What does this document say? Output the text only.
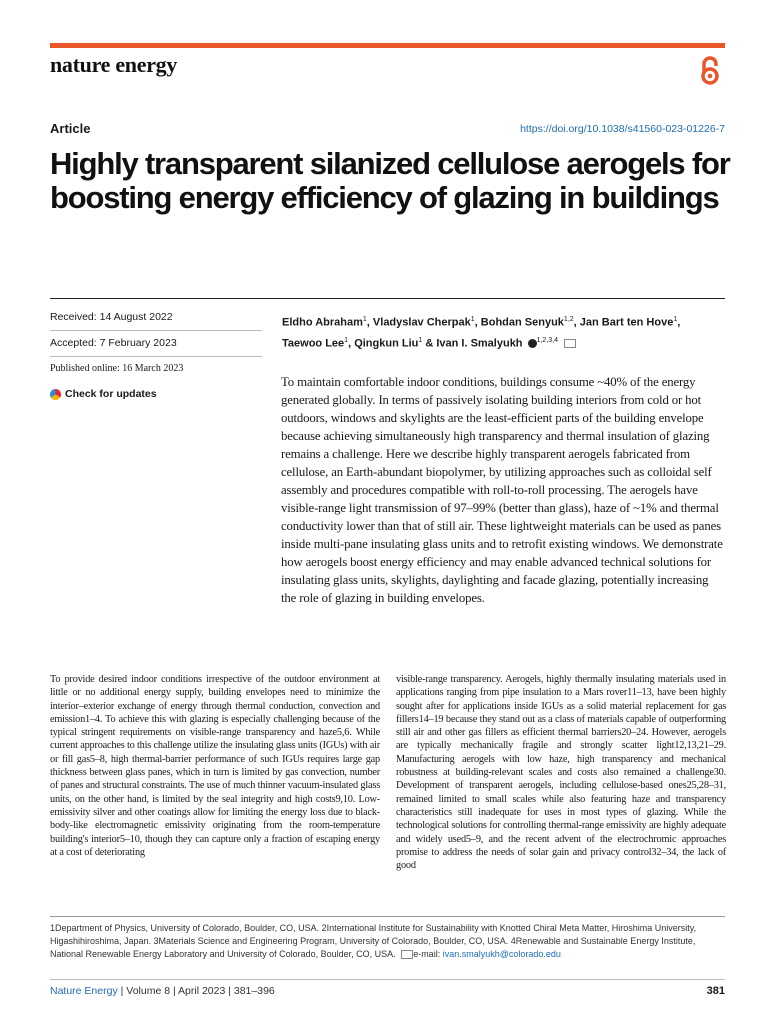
nature energy
Article	https://doi.org/10.1038/s41560-023-01226-7
Highly transparent silanized cellulose aerogels for boosting energy efficiency of glazing in buildings
Received: 14 August 2022
Accepted: 7 February 2023
Published online: 16 March 2023
Check for updates
Eldho Abraham$^1$, Vladyslav Cherpak$^1$, Bohdan Senyuk$^{1,2}$, Jan Bart ten Hove$^1$,
Taewoo Lee$^1$, Qingkun Liu$^1$ & Ivan I. Smalyukh $^{1,2,3,4}$

To maintain comfortable indoor conditions, buildings consume ~40% of the energy generated globally. In terms of passively isolating building interiors from cold or hot outdoors, windows and skylights are the least-efficient parts of the building envelope because achieving simultaneously high transparency and thermal insulation of glazing remains a challenge. Here we describe highly transparent aerogels fabricated from cellulose, an Earth-abundant biopolymer, by utilizing approaches such as colloidal self assembly and procedures compatible with roll-to-roll processing. The aerogels have visible-range light transmission of 97–99% (better than glass), haze of ~1% and thermal conductivity lower than that of still air. These lightweight materials can be used as panes inside multi-pane insulating glass units and to retrofit existing windows. We demonstrate how aerogels boost energy efficiency and may enable advanced technical solutions for insulating glass units, skylights, daylighting and facade glazing, potentially increasing the role of glazing in building envelopes.

To provide desired indoor conditions irrespective of the outdoor environment at little or no additional energy supply, building envelopes need to minimize the interior–exterior exchange of energy through thermal conduction, convection and emission1–4. To achieve this with glazing is especially challenging because of the typical stringent requirements on visible-range transparency and haze5,6. While current approaches to this challenge utilize the insulating glass units (IGUs) with air or fill gas5–8, high thermal-barrier performance of such IGUs requires large gap thickness between glass panes, which in turn is limited by gas convection, number of panes and structural constraints. The use of much thinner vacuum-insulated glass units, on the other hand, is limited by the seal integrity and high costs9,10. Low-emissivity silver and other coatings allow for limiting the energy loss due to black-body-like electromagnetic emissivity originating from the room-temperature building's interior5–10, though they can capture only a fraction of escaping energy at a cost of deteriorating

visible-range transparency. Aerogels, highly thermally insulating materials used in applications ranging from pipe insulation to a Mars rover11–13, have been highly sought after for applications inside IGUs as a solid material replacement for gas fillers14–19 because they stand out as a class of materials capable of outperforming still air and other gas fillers as efficient thermal barriers20–24. However, aerogels are typically mechanically fragile and strongly scatter light12,13,21–29. Manufacturing aerogels with low haze, high transparency and mechanical robustness at building-relevant scales and costs also remained a challenge30. Development of transparent aerogels, including cellulose-based ones25,28–31, remained limited to small scales while also featuring haze and transparency characteristics still inadequate for uses in most types of glazing. While the technological solutions for controlling thermal-range emissivity are highly adequate and widely used5–9, and the recent advent of the electrochromic approaches promise to address the needs of solar gain and privacy control32–34, the lack of good

1Department of Physics, University of Colorado, Boulder, CO, USA. 2International Institute for Sustainability with Knotted Chiral Meta Matter, Hiroshima University, Higashihiroshima, Japan. 3Materials Science and Engineering Program, University of Colorado, Boulder, CO, USA. 4Renewable and Sustainable Energy Institute, National Renewable Energy Laboratory and University of Colorado, Boulder, CO, USA. e-mail: ivan.smalyukh@colorado.edu

Nature Energy | Volume 8 | April 2023 | 381–396	381
